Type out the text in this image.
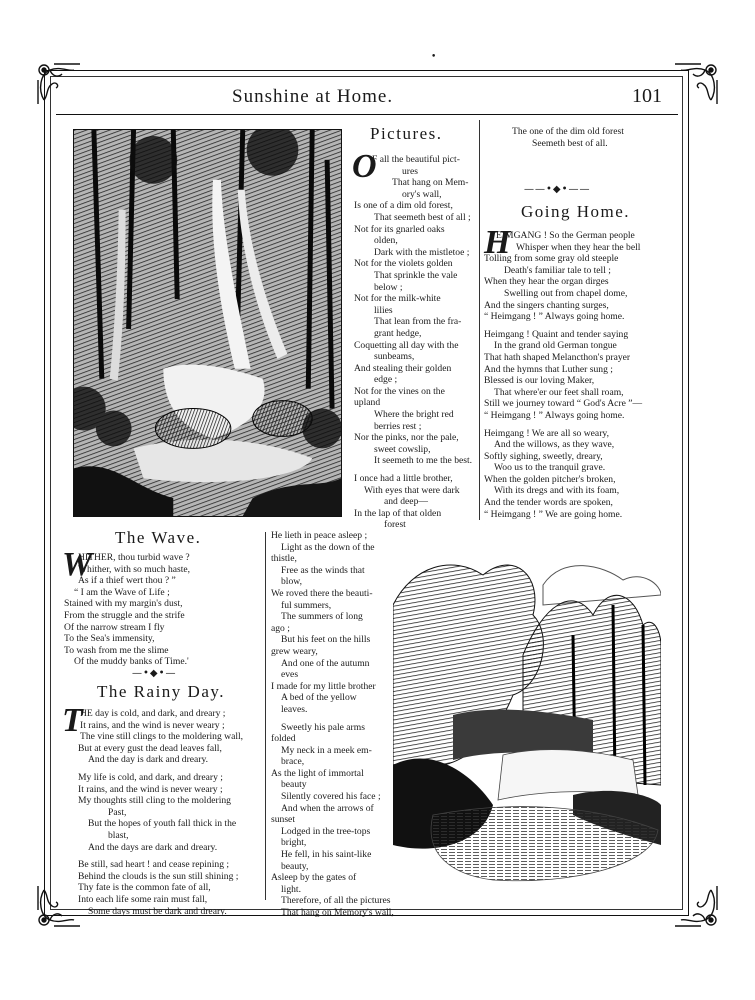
•
Sunshine at Home.	101
Pictures.
O
F all the beautiful pict-
ures
That hang on Mem-
ory's wall,
Is one of a dim old forest,
That seemeth best of all ;
Not for its gnarled oaks
olden,
Dark with the mistletoe ;
Not for the violets golden
That sprinkle the vale
below ;
Not for the milk-white
lilies
That lean from the fra-
grant hedge,
Coquetting all day with the
sunbeams,
And stealing their golden
edge ;
Not for the vines on the
upland
Where the bright red
berries rest ;
Nor the pinks, nor the pale,
sweet cowslip,
It seemeth to me the best.
I once had a little brother,
With eyes that were dark
and deep—
In the lap of that olden
forest
He lieth in peace asleep ;
Light as the down of the
thistle,
Free as the winds that
blow,
We roved there the beauti-
ful summers,
The summers of long
ago ;
But his feet on the hills
grew weary,
And one of the autumn
eves
I made for my little brother
A bed of the yellow
leaves.
Sweetly his pale arms
folded
My neck in a meek em-
brace,
As the light of immortal
beauty
Silently covered his face ;
And when the arrows of
sunset
Lodged in the tree-tops
bright,
He fell, in his saint-like
beauty,
Asleep by the gates of
light.
Therefore, of all the pictures
That hang on Memory's wall,
The one of the dim old forest
Seemeth best of all.
——•◆•——
Going Home.
H
EIMGANG ! So the German people
Whisper when they hear the bell
Tolling from some gray old steeple
Death's familiar tale to tell ;
When they hear the organ dirges
Swelling out from chapel dome,
And the singers chanting surges,
“ Heimgang ! ” Always going home.
Heimgang ! Quaint and tender saying
In the grand old German tongue
That hath shaped Melancthon's prayer
And the hymns that Luther sung ;
Blessed is our loving Maker,
That where'er our feet shall roam,
Still we journey toward “ God's Acre ”—
“ Heimgang ! ” Always going home.
Heimgang ! We are all so weary,
And the willows, as they wave,
Softly sighing, sweetly, dreary,
Woo us to the tranquil grave.
When the golden pitcher's broken,
With its dregs and with its foam,
And the tender words are spoken,
“ Heimgang ! ” We are going home.
The Wave.
W
HITHER, thou turbid wave ?
Whither, with so much haste,
As if a thief wert thou ? ”
“ I am the Wave of Life ;
Stained with my margin's dust,
From the struggle and the strife
Of the narrow stream I fly
To the Sea's immensity,
To wash from me the slime
Of the muddy banks of Time.'
—•◆•—
The Rainy Day.
T
HE day is cold, and dark, and dreary ;
It rains, and the wind is never weary ;
The vine still clings to the moldering wall,
But at every gust the dead leaves fall,
And the day is dark and dreary.
My life is cold, and dark, and dreary ;
It rains, and the wind is never weary ;
My thoughts still cling to the moldering
Past,
But the hopes of youth fall thick in the
blast,
And the days are dark and dreary.
Be still, sad heart ! and cease repining ;
Behind the clouds is the sun still shining ;
Thy fate is the common fate of all,
Into each life some rain must fall,
Some days must be dark and dreary.
